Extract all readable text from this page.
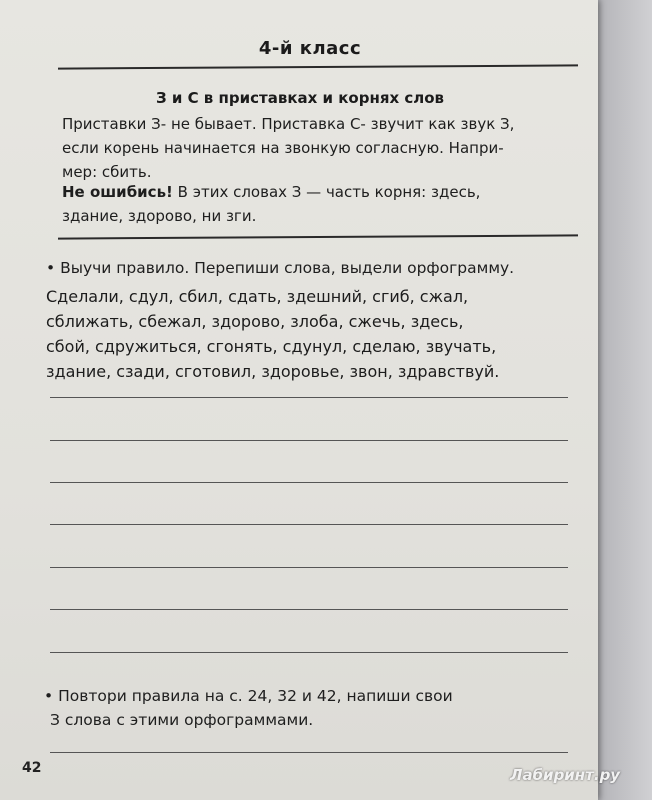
4-й класс
З и С в приставках и корнях слов
Приставки З- не бывает. Приставка С- звучит как звук З,
если корень начинается на звонкую согласную. Напри-
мер: сбить.
Не ошибись! В этих словах З — часть корня: здесь,
здание, здорово, ни зги.
• Выучи правило. Перепиши слова, выдели орфограмму.
Сделали, сдул, сбил, сдать, здешний, сгиб, сжал,
сближать, сбежал, здорово, злоба, сжечь, здесь,
сбой, сдружиться, сгонять, сдунул, сделаю, звучать,
здание, сзади, сготовил, здоровье, звон, здравствуй.
• Повтори правила на с. 24, 32 и 42, напиши свои
З слова с этими орфограммами.
42	Лабиринт.ру
